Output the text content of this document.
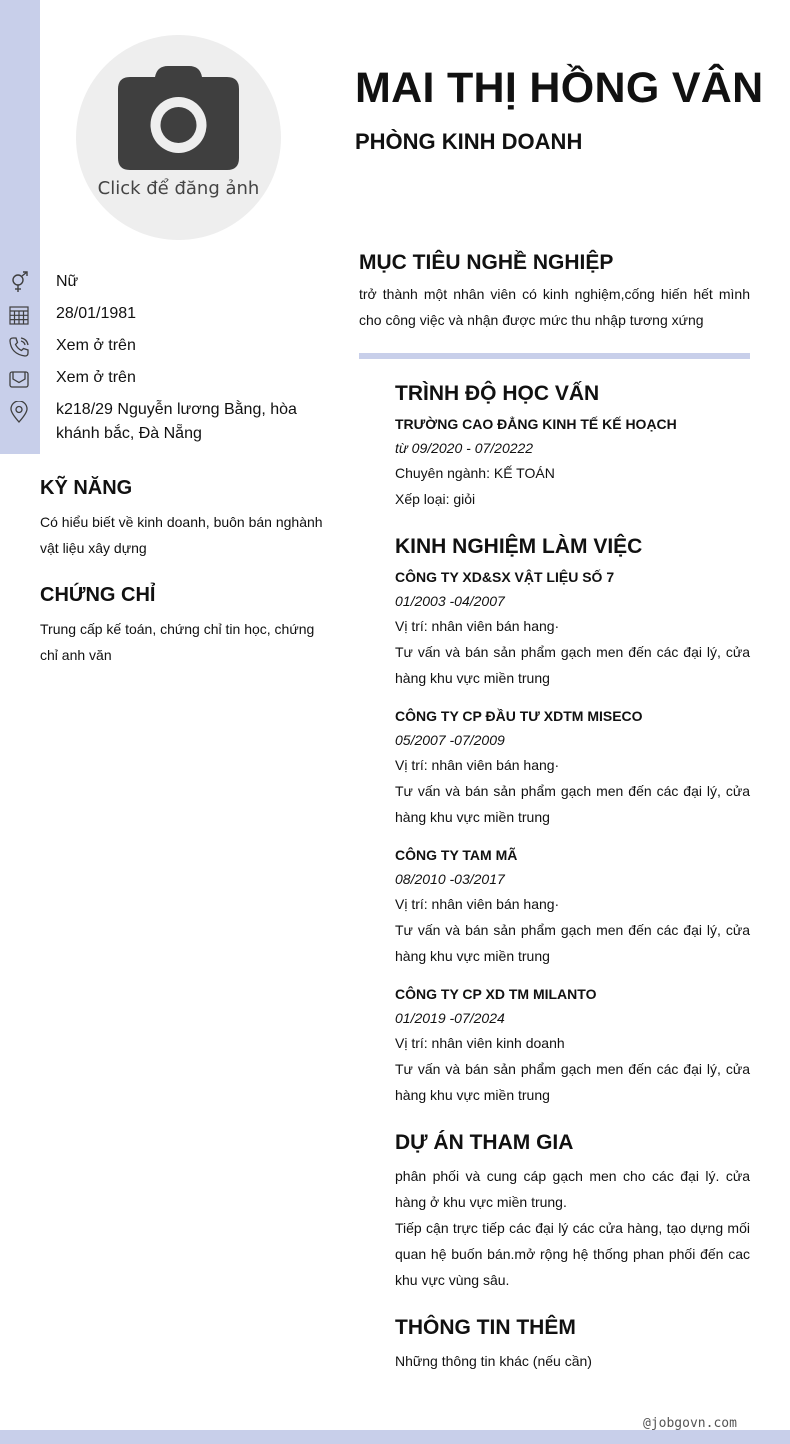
Click để đăng ảnh
MAI THỊ HỒNG VÂN
PHÒNG KINH DOANH
Nữ
28/01/1981
Xem ở trên
Xem ở trên
k218/29 Nguyễn lương Bằng, hòa khánh bắc, Đà Nẵng
KỸ NĂNG
Có hiểu biết về kinh doanh, buôn bán nghành vật liệu xây dựng
CHỨNG CHỈ
Trung cấp kế toán, chứng chỉ tin học, chứng chỉ anh văn
MỤC TIÊU NGHỀ NGHIỆP
trở thành một nhân viên có kinh nghiệm,cống hiến hết mình cho công việc và nhận được mức thu nhập tương xứng
TRÌNH ĐỘ HỌC VẤN
TRƯỜNG CAO ĐẲNG KINH TẾ KẾ HOẠCH
từ 09/2020 - 07/20222
Chuyên ngành: KẾ TOÁN
Xếp loại: giỏi
KINH NGHIỆM LÀM VIỆC
CÔNG TY XD&SX VẬT LIỆU SỐ 7
01/2003 -04/2007
Vị trí: nhân viên bán hang·
Tư vấn và bán sản phẩm gạch men đến các đại lý, cửa hàng khu vực miền trung
CÔNG TY CP ĐẦU TƯ XDTM MISECO
05/2007 -07/2009
Vị trí: nhân viên bán hang·
Tư vấn và bán sản phẩm gạch men đến các đại lý, cửa hàng khu vực miền trung
CÔNG TY TAM MÃ
08/2010 -03/2017
Vị trí: nhân viên bán hang·
Tư vấn và bán sản phẩm gạch men đến các đại lý, cửa hàng khu vực miền trung
CÔNG TY CP XD TM MILANTO
01/2019 -07/2024
Vị trí: nhân viên kinh doanh
Tư vấn và bán sản phẩm gạch men đến các đại lý, cửa hàng khu vực miền trung
DỰ ÁN THAM GIA
phân phối và cung cáp gạch men cho các đại lý. cửa hàng ở khu vực miền trung.
Tiếp cận trực tiếp các đại lý các cửa hàng, tạo dựng mối quan hệ buốn bán.mở rộng hệ thống phan phối đến cac khu vực vùng sâu.
THÔNG TIN THÊM
Những thông tin khác (nếu cần)
@jobgovn.com
